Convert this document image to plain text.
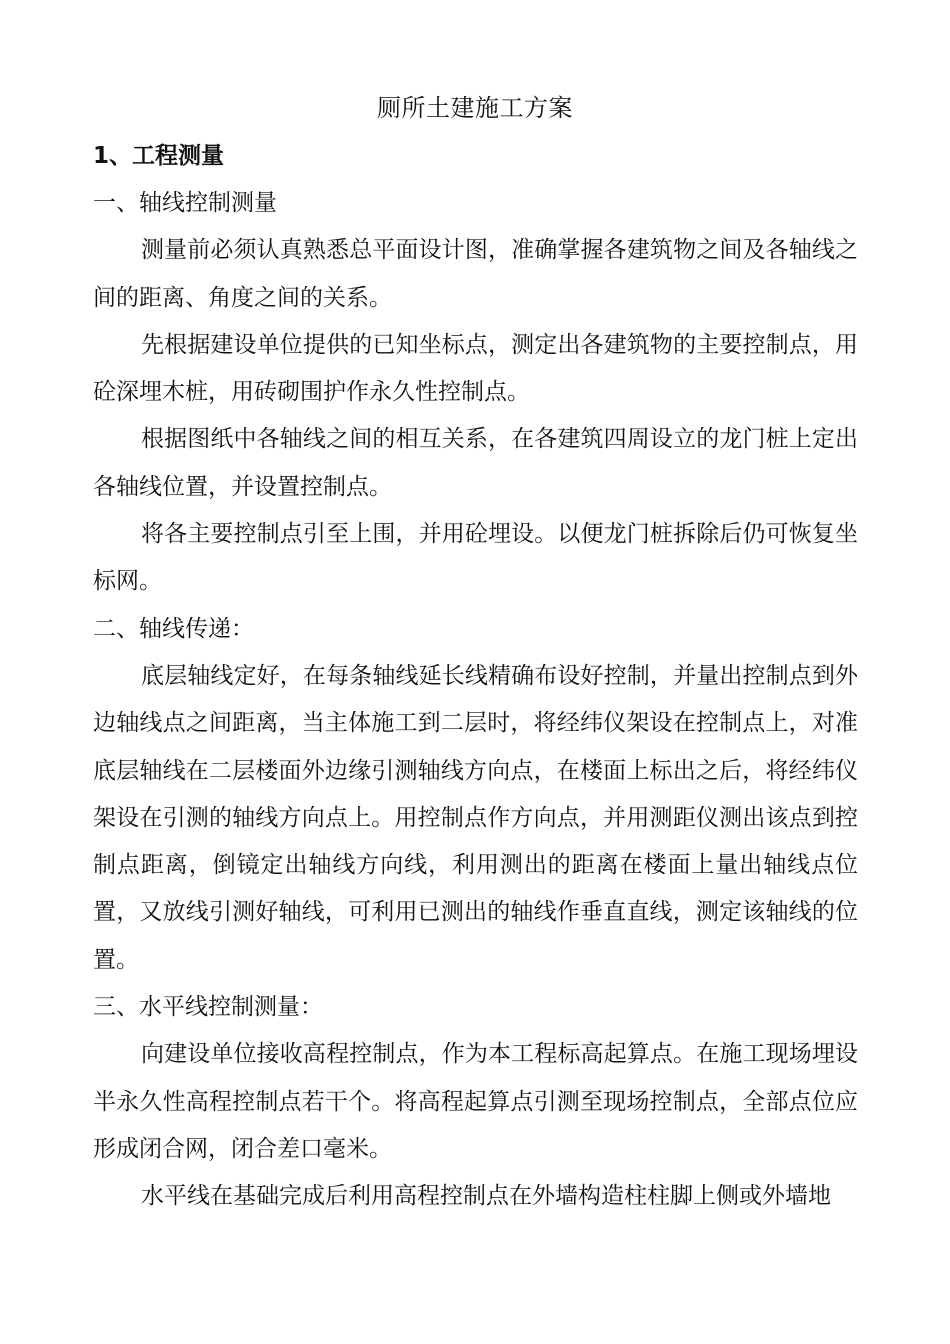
厕所土建施工方案
1、工程测量

一、轴线控制测量

测量前必须认真熟悉总平面设计图，准确掌握各建筑物之间及各轴线之间的距离、角度之间的关系。

先根据建设单位提供的已知坐标点，测定出各建筑物的主要控制点，用砼深埋木桩，用砖砌围护作永久性控制点。

根据图纸中各轴线之间的相互关系，在各建筑四周设立的龙门桩上定出各轴线位置，并设置控制点。

将各主要控制点引至上围，并用砼埋设。以便龙门桩拆除后仍可恢复坐标网。

二、轴线传递：

底层轴线定好，在每条轴线延长线精确布设好控制，并量出控制点到外边轴线点之间距离，当主体施工到二层时，将经纬仪架设在控制点上，对准底层轴线在二层楼面外边缘引测轴线方向点，在楼面上标出之后，将经纬仪架设在引测的轴线方向点上。用控制点作方向点，并用测距仪测出该点到控制点距离，倒镜定出轴线方向线，利用测出的距离在楼面上量出轴线点位置，又放线引测好轴线，可利用已测出的轴线作垂直直线，测定该轴线的位置。

三、水平线控制测量：

向建设单位接收高程控制点，作为本工程标高起算点。在施工现场埋设半永久性高程控制点若干个。将高程起算点引测至现场控制点，全部点位应形成闭合网，闭合差口毫米。

水平线在基础完成后利用高程控制点在外墙构造柱柱脚上侧或外墙地
